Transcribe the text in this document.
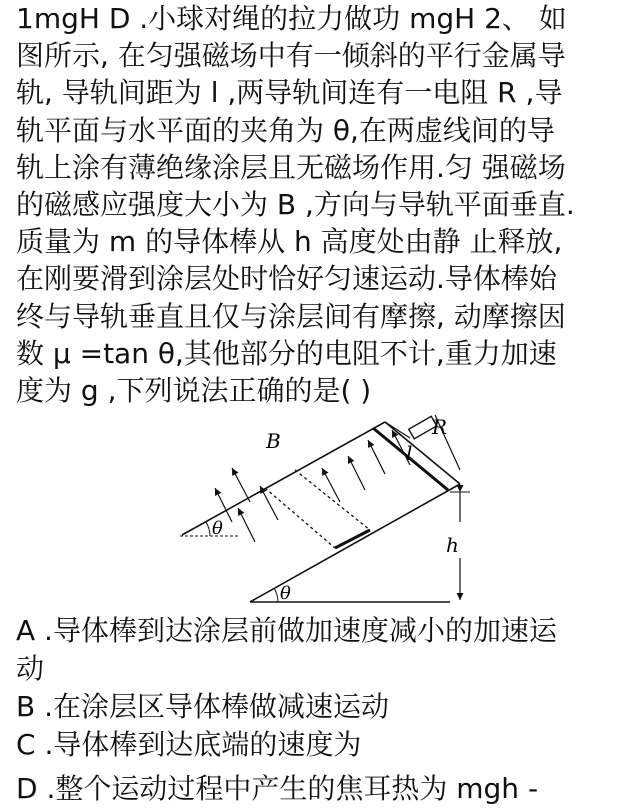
1mgH D .小球对绳的拉力做功 mgH 2、 如
图所示, 在匀强磁场中有一倾斜的平行金属导
轨, 导轨间距为 l ,两导轨间连有一电阻 R ,导
轨平面与水平面的夹角为 θ,在两虚线间的导
轨上涂有薄绝缘涂层且无磁场作用.匀 强磁场
的磁感应强度大小为 B ,方向与导轨平面垂直.
质量为 m 的导体棒从 h 高度处由静 止释放,
在刚要滑到涂层处时恰好匀速运动.导体棒始
终与导轨垂直且仅与涂层间有摩擦, 动摩擦因
数 μ =tan θ,其他部分的电阻不计,重力加速
度为 g ,下列说法正确的是( )
B
R
l
h
θ
θ
A .导体棒到达涂层前做加速度减小的加速运
动
B .在涂层区导体棒做减速运动
C .导体棒到达底端的速度为
D .整个运动过程中产生的焦耳热为 mgh -
